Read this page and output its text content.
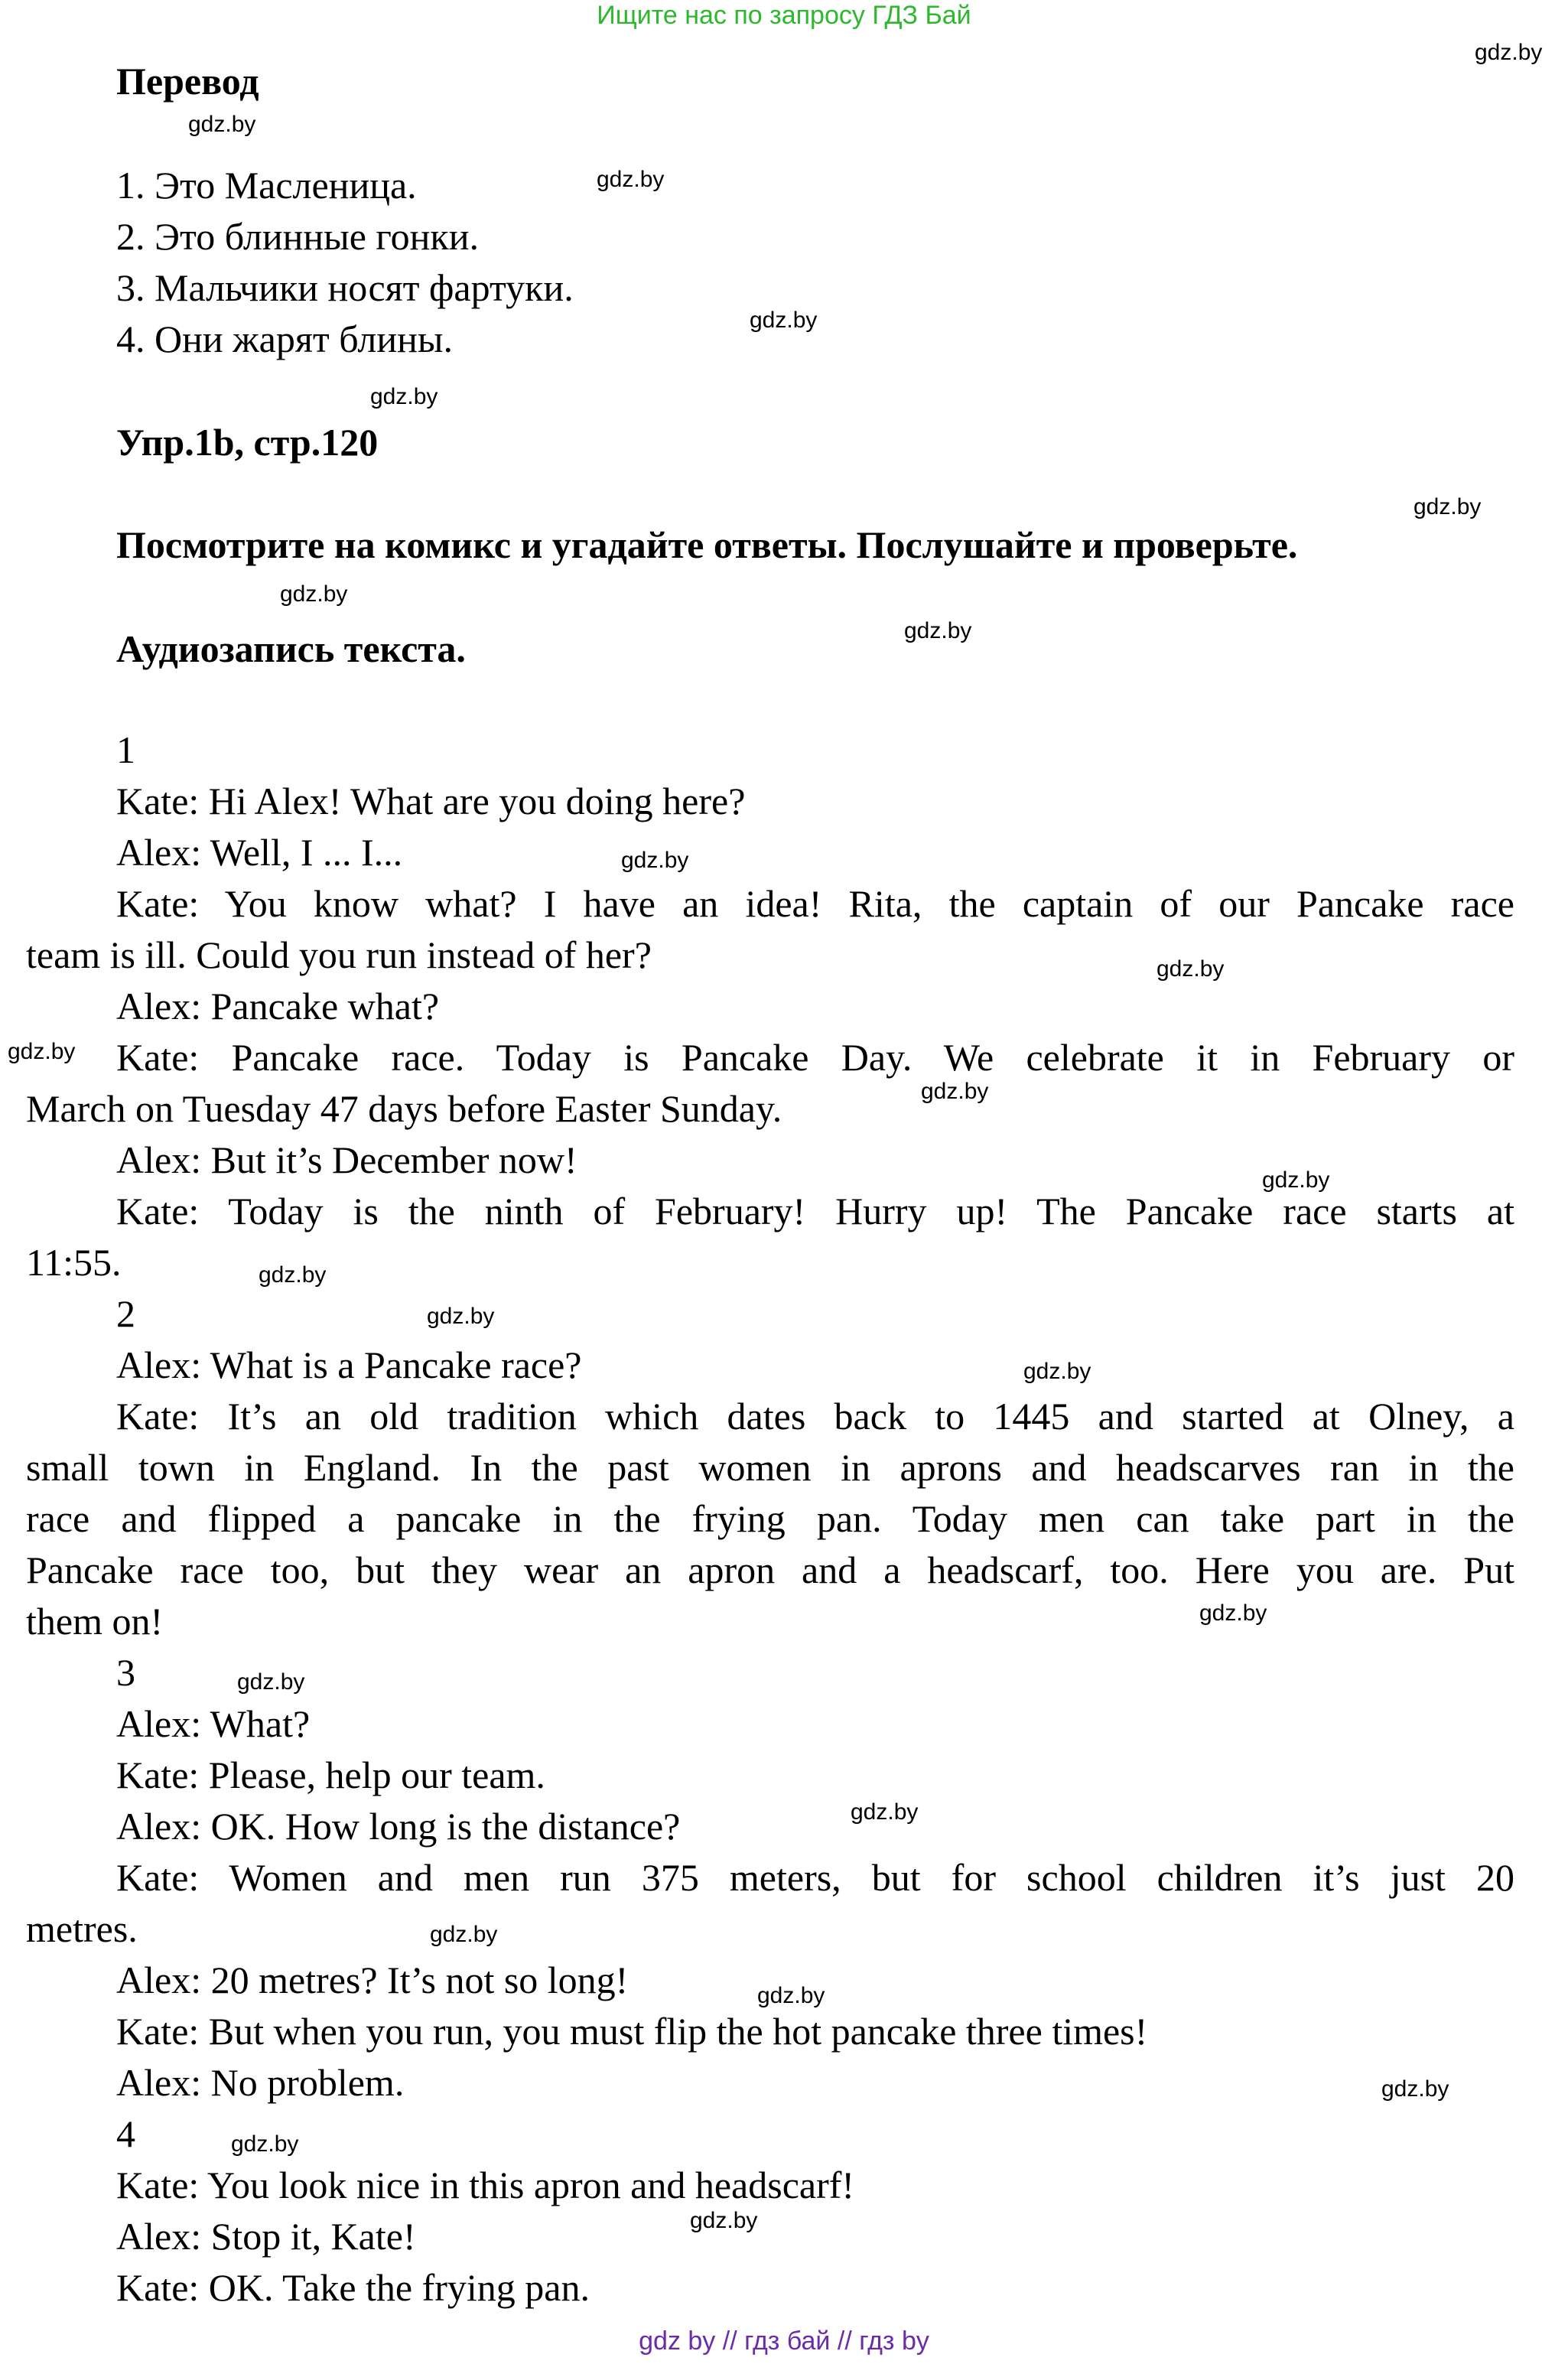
Ищите нас по запросу ГДЗ Бай
gdz.by
gdz.by
gdz.by
gdz.by
gdz.by
gdz.by
gdz.by
gdz.by
gdz.by
gdz.by
gdz.by
gdz.by
gdz.by
gdz.by
gdz.by
gdz.by
gdz.by
gdz.by
gdz.by
gdz.by
gdz.by
gdz.by
gdz.by
gdz.by
Перевод
1. Это Масленица.
2. Это блинные гонки.
3. Мальчики носят фартуки.
4. Они жарят блины.
Упр.1b, стр.120
Посмотрите на комикс и угадайте ответы. Послушайте и проверьте.
Аудиозапись текста.
1
Kate: Hi Alex! What are you doing here?
Alex: Well, I ... I...
Kate: You know what? I have an idea! Rita, the captain of our Pancake race
team is ill. Could you run instead of her?
Alex: Pancake what?
Kate: Pancake race. Today is Pancake Day. We celebrate it in February or
March on Tuesday 47 days before Easter Sunday.
Alex: But it’s December now!
Kate: Today is the ninth of February! Hurry up! The Pancake race starts at
11:55.
2
Alex: What is a Pancake race?
Kate: It’s an old tradition which dates back to 1445 and started at Olney, a
small town in England. In the past women in aprons and headscarves ran in the
race and flipped a pancake in the frying pan. Today men can take part in the
Pancake race too, but they wear an apron and a headscarf, too. Here you are. Put
them on!
3
Alex: What?
Kate: Please, help our team.
Alex: OK. How long is the distance?
Kate: Women and men run 375 meters, but for school children it’s just 20
metres.
Alex: 20 metres? It’s not so long!
Kate: But when you run, you must flip the hot pancake three times!
Alex: No problem.
4
Kate: You look nice in this apron and headscarf!
Alex: Stop it, Kate!
Kate: OK. Take the frying pan.
gdz by // гдз бай // гдз by
